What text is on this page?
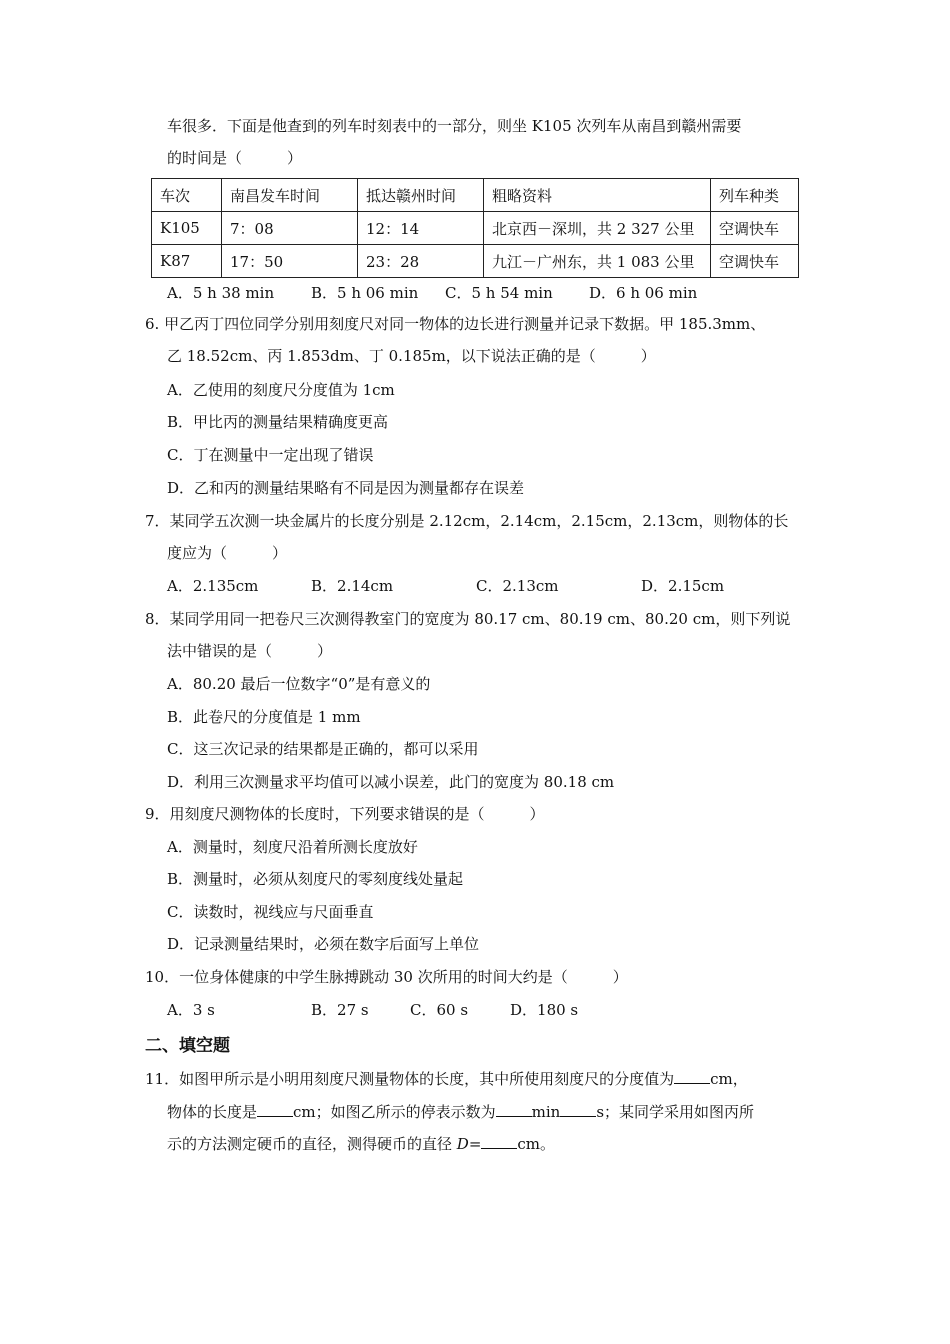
车很多．下面是他查到的列车时刻表中的一部分，则坐 K105 次列车从南昌到赣州需要
的时间是（　　　）
车次	南昌发车时间	抵达赣州时间	粗略资料	列车种类
K105	7：08	12：14	北京西－深圳，共 2 327 公里	空调快车
K87	17：50	23：28	九江－广州东，共 1 083 公里	空调快车
A．5 h 38 min B．5 h 06 min C．5 h 54 min D．6 h 06 min
6. 甲乙丙丁四位同学分别用刻度尺对同一物体的边长进行测量并记录下数据。甲 185.3mm、
乙 18.52cm、丙 1.853dm、丁 0.185m，以下说法正确的是（　　　）
A．乙使用的刻度尺分度值为 1cm
B．甲比丙的测量结果精确度更高
C．丁在测量中一定出现了错误
D．乙和丙的测量结果略有不同是因为测量都存在误差
7．某同学五次测一块金属片的长度分别是 2.12cm，2.14cm，2.15cm，2.13cm，则物体的长
度应为（　　　）
A．2.135cm	B．2.14cm	C．2.13cm	D．2.15cm
8．某同学用同一把卷尺三次测得教室门的宽度为 80.17 cm、80.19 cm、80.20 cm，则下列说
法中错误的是（　　　）
A．80.20 最后一位数字“0”是有意义的
B．此卷尺的分度值是 1 mm
C．这三次记录的结果都是正确的，都可以采用
D．利用三次测量求平均值可以减小误差，此门的宽度为 80.18 cm
9．用刻度尺测物体的长度时，下列要求错误的是（　　　）
A．测量时，刻度尺沿着所测长度放好
B．测量时，必须从刻度尺的零刻度线处量起
C．读数时，视线应与尺面垂直
D．记录测量结果时，必须在数字后面写上单位
10．一位身体健康的中学生脉搏跳动 30 次所用的时间大约是（　　　）
A．3 s	B．27 s	C．60 s	D．180 s
二、填空题
11．如图甲所示是小明用刻度尺测量物体的长度，其中所使用刻度尺的分度值为 cm，
物体的长度是 cm；如图乙所示的停表示数为 min s；某同学采用如图丙所
示的方法测定硬币的直径，测得硬币的直径 D= cm。
